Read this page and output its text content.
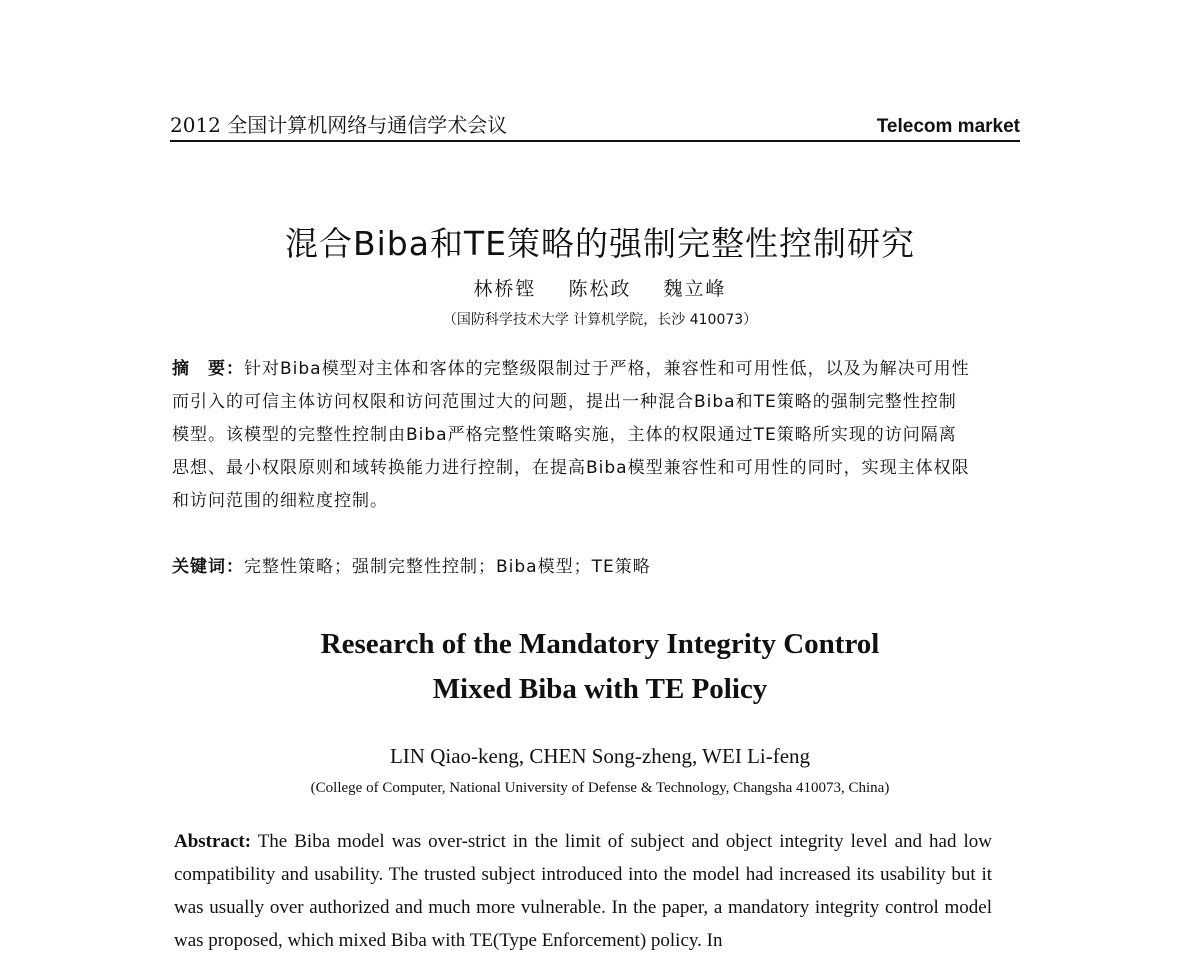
2012 全国计算机网络与通信学术会议	Telecom market
混合Biba和TE策略的强制完整性控制研究
林桥铿 陈松政 魏立峰
（国防科学技术大学 计算机学院，长沙 410073）
摘　要：针对Biba模型对主体和客体的完整级限制过于严格，兼容性和可用性低，以及为解决可用性而引入的可信主体访问权限和访问范围过大的问题，提出一种混合Biba和TE策略的强制完整性控制模型。该模型的完整性控制由Biba严格完整性策略实施，主体的权限通过TE策略所实现的访问隔离思想、最小权限原则和域转换能力进行控制，在提高Biba模型兼容性和可用性的同时，实现主体权限和访问范围的细粒度控制。
关键词：完整性策略；强制完整性控制；Biba模型；TE策略
Research of the Mandatory Integrity Control
Mixed Biba with TE Policy
LIN Qiao-keng, CHEN Song-zheng, WEI Li-feng
(College of Computer, National University of Defense & Technology, Changsha 410073, China)
Abstract: The Biba model was over-strict in the limit of subject and object integrity level and had low compatibility and usability. The trusted subject introduced into the model had increased its usability but it was usually over authorized and much more vulnerable. In the paper, a mandatory integrity control model was proposed, which mixed Biba with TE(Type Enforcement) policy. In
